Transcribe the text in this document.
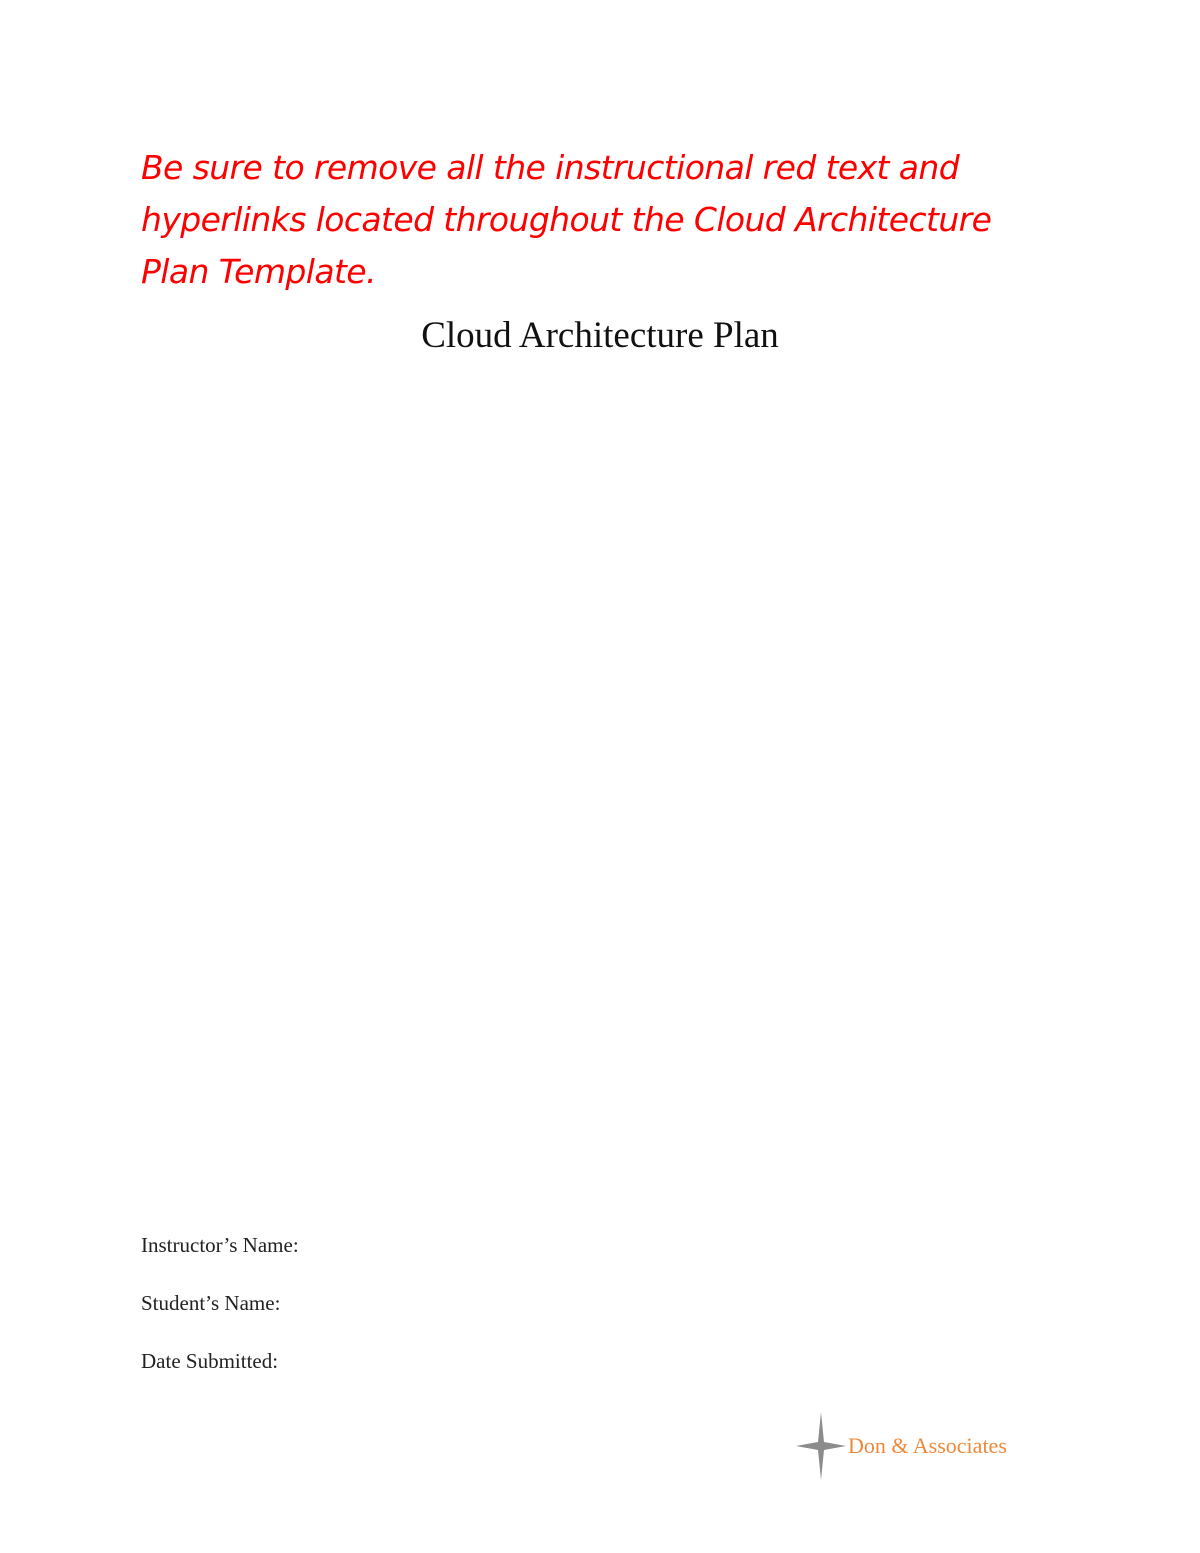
Be sure to remove all the instructional red text and hyperlinks located throughout the Cloud Architecture Plan Template.

Cloud Architecture Plan

Instructor’s Name:

Student’s Name:

Date Submitted:

Don & Associates
